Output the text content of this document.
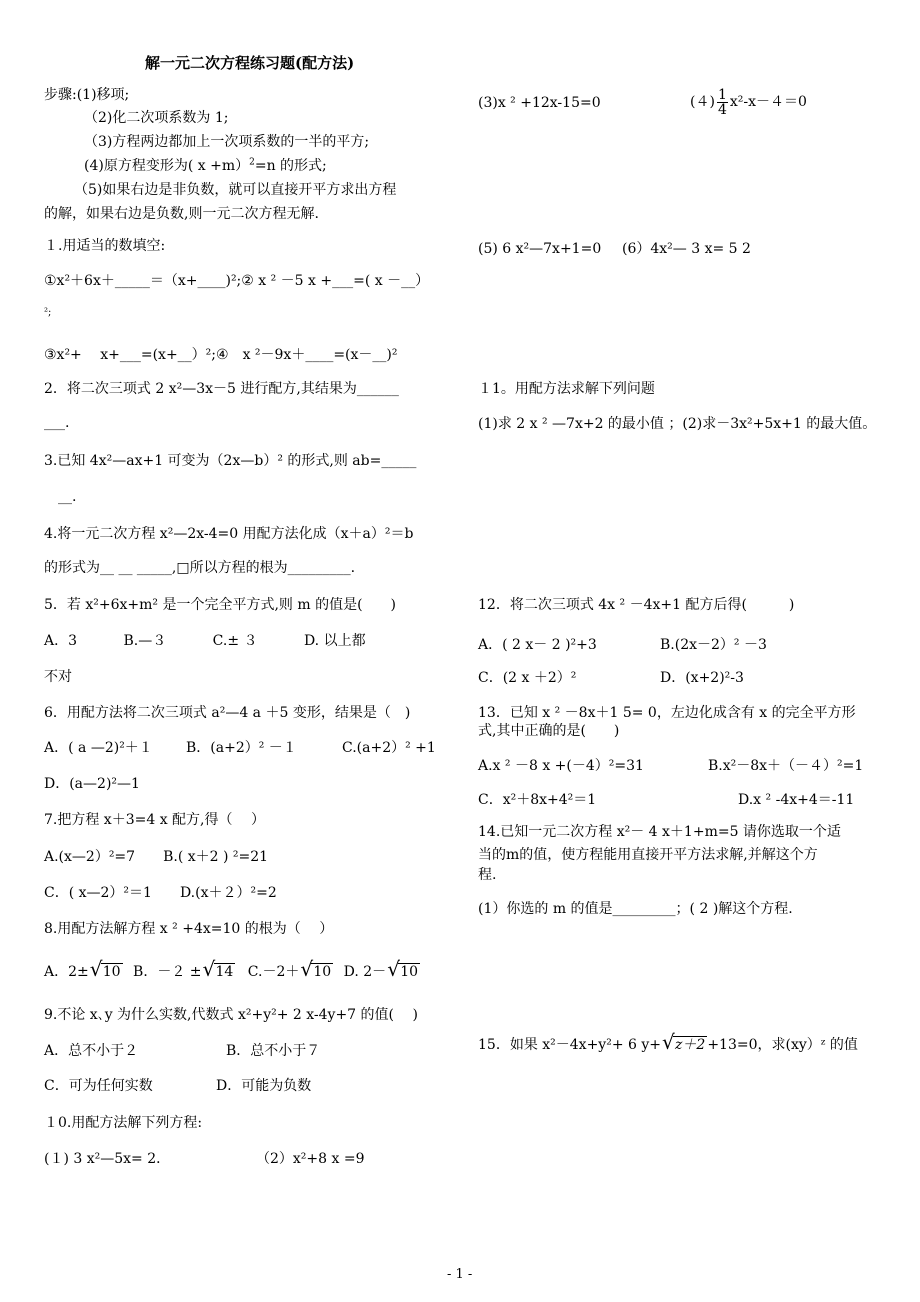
解一元二次方程练习题(配方法)
步骤:(1)移项;
（2)化二次项系数为 1;
（3)方程两边都加上一次项系数的一半的平方;
(4)原方程变形为( x +m）$^2$=n 的形式;
（5)如果右边是非负数，就可以直接开平方求出方程
的解，如果右边是负数,则一元二次方程无解.
１.用适当的数填空:
①x²＋6x＋_____＝（x+____)²;② x ² －5 x +___=( x －__）
²;
③x²+　 x+___=(x+__）²;④　x ²－9x＋____=(x－__)²
2．将二次三项式 2 x²—3x－5 进行配方,其结果为______
___.
3.已知 4x²—ax+1 可变为（2x—b）² 的形式,则 ab=_____
__.
4.将一元二次方程 x²—2x-4=0 用配方法化成（x＋a）²＝b
的形式为__ __ _____,□所以方程的根为_________.
5．若 x²+6x+m² 是一个完全平方式,则 m 的值是(　　)
A．3　　　 B.—３　　　 C.± ３　　　 D. 以上都
不对
6．用配方法将二次三项式 a²—4 a ＋5 变形，结果是（　)
A．( a —2)²＋１ B．(a+2）² －１	C.(a+2）² +1
D．(a—2)²—1
7.把方程 x＋3=4 x 配方,得（　 ）
A.(x—2）²=7　　B.( x＋2 ) ²=21
C．( x—2）²＝1　　D.(x＋２）²=2
8.用配方法解方程 x ² +4x=10 的根为（　 ）
A．2± √ 10 B．－２ ± √ 14 C.－2＋ √ 10 D. 2－ √ 10
9.不论 x､y 为什么实数,代数式 x²+y²+ 2 x-4y+7 的值(　 )
A．总不小于２	B．总不小于７
C．可为任何实数	D．可能为负数
１0.用配方法解下列方程:
(１) 3 x²—5x= 2．	（2）x²+8 x =9
(3)x ² +12x-15=0	$(4) \frac{1}{4} x^2-x-4=0$
(5) 6 x²—7x+1=0 (6）4x²— 3 x= 5 2
１1。用配方法求解下列问题
(1)求 2 x ² —7x+2 的最小值 ；(2)求－3x²+5x+1 的最大值。
12．将二次三项式 4x ² －4x+1 配方后得(　　　)
A．( 2 x－ 2 )²+3	B.(2x－2）² －3
C．(2 x ＋2）²	D．(x+2)²-3
13．已知 x ² －8x＋1 5= 0，左边化成含有 x 的完全平方形
式,其中正确的是(　　)
A.x ² －8 x +(－4）²=31	B.x²－8x＋（－４）²=1
C．x²＋8x+4²＝1	D.x ² -4x+4＝-11
14.已知一元二次方程 x²－ 4 x＋1+m=5 请你选取一个适
当的m的值，使方程能用直接开平方法求解,并解这个方
程.
(1）你选的 m 的值是_________；( 2 )解这个方程.
15．如果 x²－4x+y²+ 6 y+ √ z＋2 +13=0，求(xy）ᶻ 的值
- 1 -
